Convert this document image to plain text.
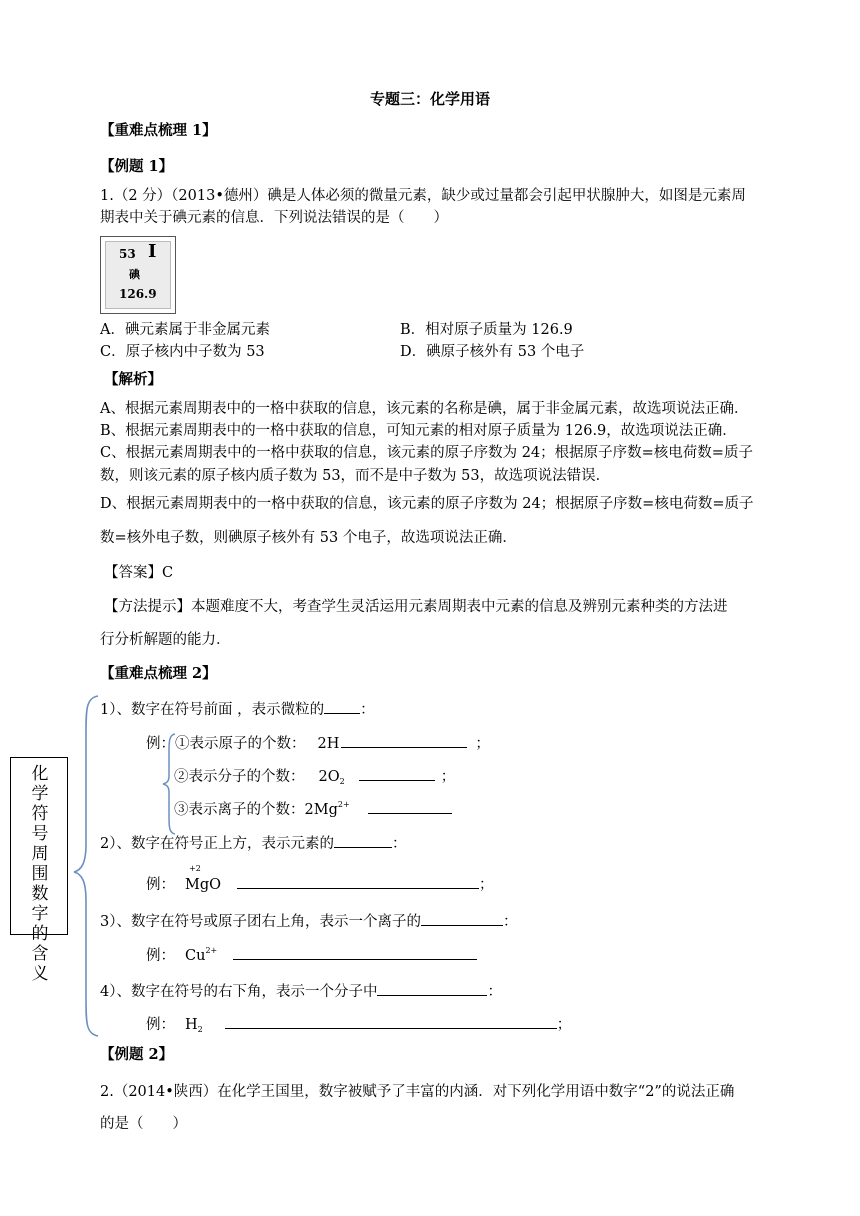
专题三：化学用语
【重难点梳理 1】
【例题 1】
1.（2 分）（2013•德州）碘是人体必须的微量元素，缺少或过量都会引起甲状腺肿大，如图是元素周
期表中关于碘元素的信息．下列说法错误的是（　　）
53 I
碘
126.9
A．碘元素属于非金属元素	B．相对原子质量为 126.9
C．原子核内中子数为 53	D．碘原子核外有 53 个电子
【解析】
A、根据元素周期表中的一格中获取的信息，该元素的名称是碘，属于非金属元素，故选项说法正确．
B、根据元素周期表中的一格中获取的信息，可知元素的相对原子质量为 126.9，故选项说法正确．
C、根据元素周期表中的一格中获取的信息，该元素的原子序数为 24；根据原子序数=核电荷数=质子
数，则该元素的原子核内质子数为 53，而不是中子数为 53，故选项说法错误．
D、根据元素周期表中的一格中获取的信息，该元素的原子序数为 24；根据原子序数=核电荷数=质子
数=核外电子数，则碘原子核外有 53 个电子，故选项说法正确．
【答案】C
【方法提示】本题难度不大，考查学生灵活运用元素周期表中元素的信息及辨别元素种类的方法进
行分析解题的能力．
【重难点梳理 2】
化
学
符
号
周
围
数
字
的
含
义
1）、数字在符号前面 ，表示微粒的 ：
例：①表示原子的个数： 2H	；
②表示分子的个数： $2O_2$	；
③表示离子的个数：$2Mg^{2+}$
2）、数字在符号正上方，表示元素的	：
例：
+2
MgO	；
3）、数字在符号或原子团右上角，表示一个离子的	：
例： $Cu^{2+}$
4）、数字在符号的右下角，表示一个分子中	：
例： $H_2$	；
【例题 2】
2.（2014•陕西）在化学王国里，数字被赋予了丰富的内涵．对下列化学用语中数字“2”的说法正确
的是（　　）
